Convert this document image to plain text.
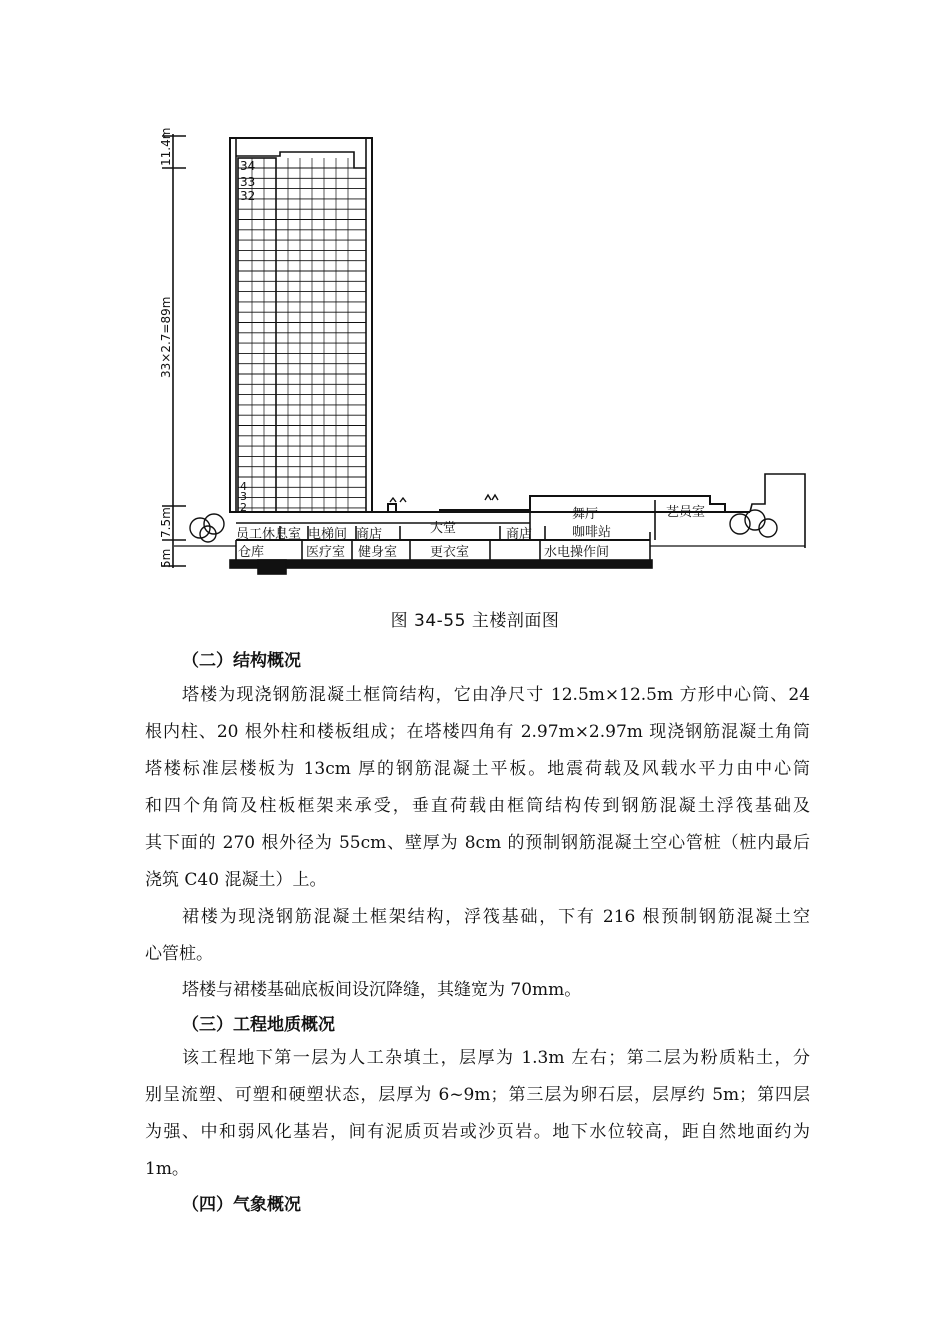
11.4m
33×2.7=89m
7.5m
5m
34
33
32
4
3
2
员工休息室 电梯间 商店	大堂	商店
舞厅
咖啡站
艺员室
仓库	医疗室 健身室	更衣室	水电操作间
图 34-55 主楼剖面图
（二）结构概况
塔楼为现浇钢筋混凝土框筒结构，它由净尺寸 12.5m×12.5m 方形中心筒、24
根内柱、20 根外柱和楼板组成；在塔楼四角有 2.97m×2.97m 现浇钢筋混凝土角筒
塔楼标准层楼板为 13cm 厚的钢筋混凝土平板。地震荷载及风载水平力由中心筒
和四个角筒及柱板框架来承受，垂直荷载由框筒结构传到钢筋混凝土浮筏基础及
其下面的 270 根外径为 55cm、壁厚为 8cm 的预制钢筋混凝土空心管桩（桩内最后
浇筑 C40 混凝土）上。
裙楼为现浇钢筋混凝土框架结构，浮筏基础，下有 216 根预制钢筋混凝土空
心管桩。
塔楼与裙楼基础底板间设沉降缝，其缝宽为 70mm。
（三）工程地质概况
该工程地下第一层为人工杂填土，层厚为 1.3m 左右；第二层为粉质粘土，分
别呈流塑、可塑和硬塑状态，层厚为 6~9m；第三层为卵石层，层厚约 5m；第四层
为强、中和弱风化基岩，间有泥质页岩或沙页岩。地下水位较高，距自然地面约为
1m。
（四）气象概况
